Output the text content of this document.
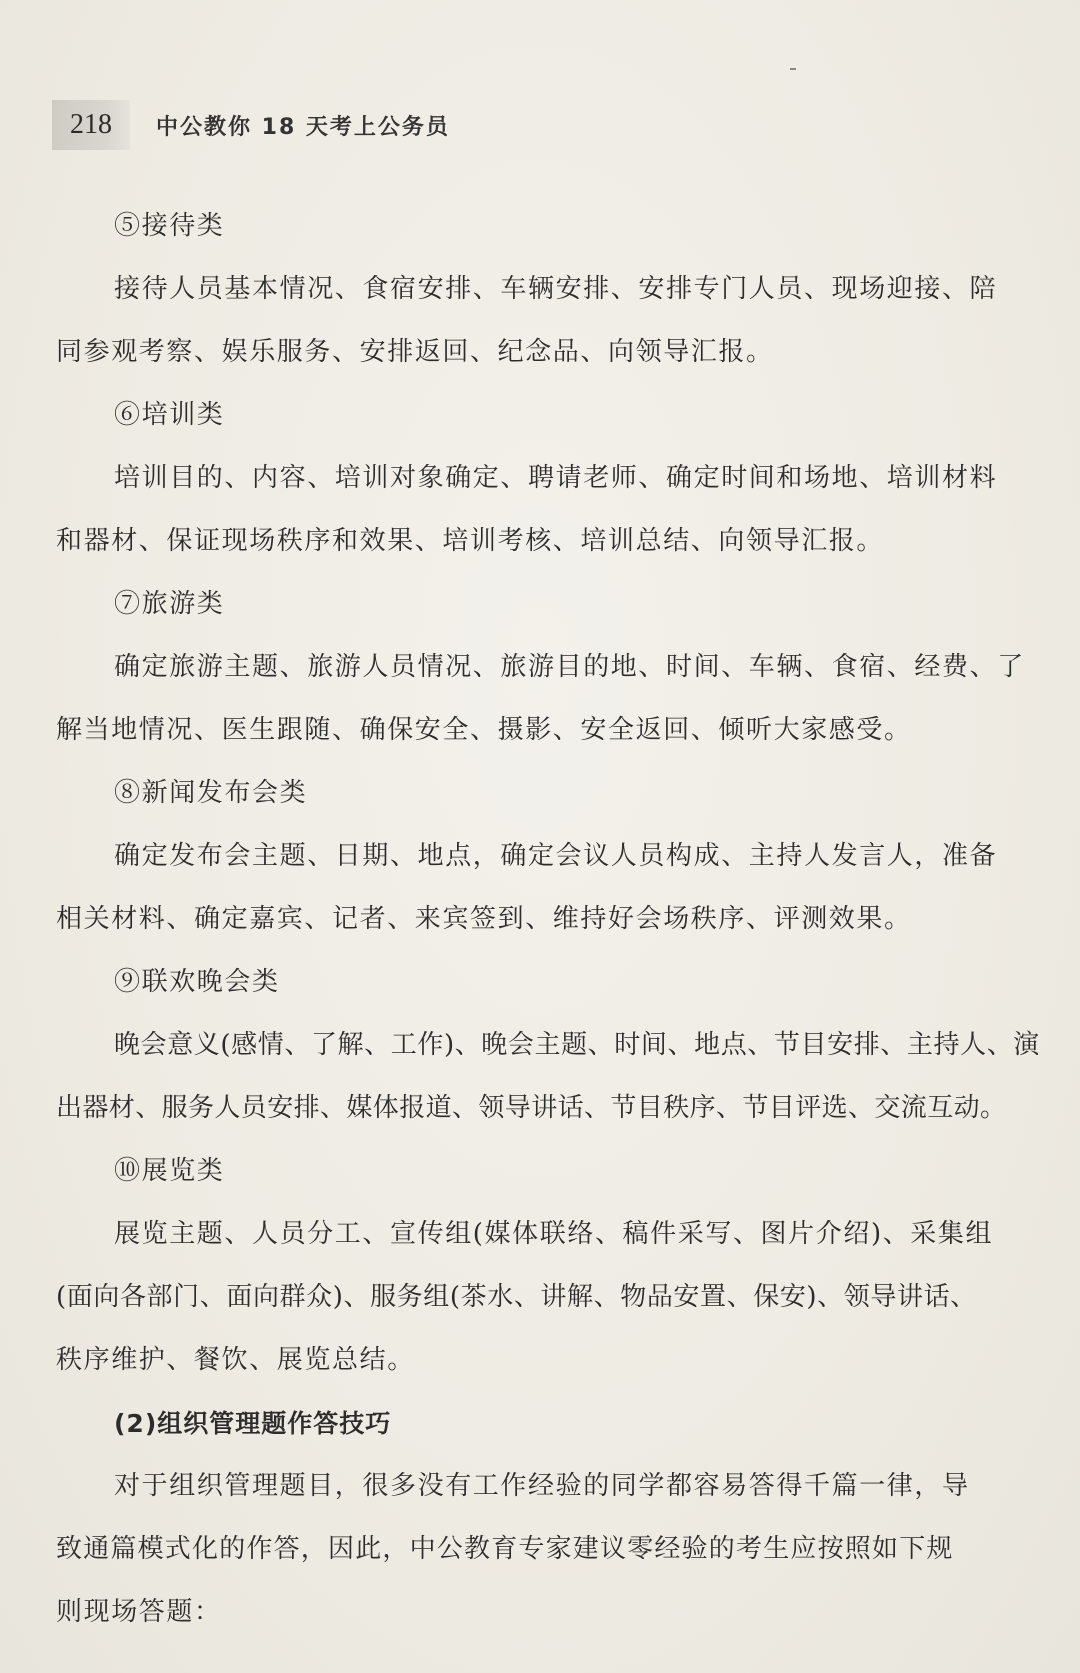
218	中公教你 18 天考上公务员
⑤接待类
接待人员基本情况、食宿安排、车辆安排、安排专门人员、现场迎接、陪
同参观考察、娱乐服务、安排返回、纪念品、向领导汇报。
⑥培训类
培训目的、内容、培训对象确定、聘请老师、确定时间和场地、培训材料
和器材、保证现场秩序和效果、培训考核、培训总结、向领导汇报。
⑦旅游类
确定旅游主题、旅游人员情况、旅游目的地、时间、车辆、食宿、经费、了
解当地情况、医生跟随、确保安全、摄影、安全返回、倾听大家感受。
⑧新闻发布会类
确定发布会主题、日期、地点，确定会议人员构成、主持人发言人，准备
相关材料、确定嘉宾、记者、来宾签到、维持好会场秩序、评测效果。
⑨联欢晚会类
晚会意义(感情、了解、工作)、晚会主题、时间、地点、节目安排、主持人、演
出器材、服务人员安排、媒体报道、领导讲话、节目秩序、节目评选、交流互动。
⑩展览类
展览主题、人员分工、宣传组(媒体联络、稿件采写、图片介绍)、采集组
(面向各部门、面向群众)、服务组(茶水、讲解、物品安置、保安)、领导讲话、
秩序维护、餐饮、展览总结。
(2)组织管理题作答技巧
对于组织管理题目，很多没有工作经验的同学都容易答得千篇一律，导
致通篇模式化的作答，因此，中公教育专家建议零经验的考生应按照如下规
则现场答题：
